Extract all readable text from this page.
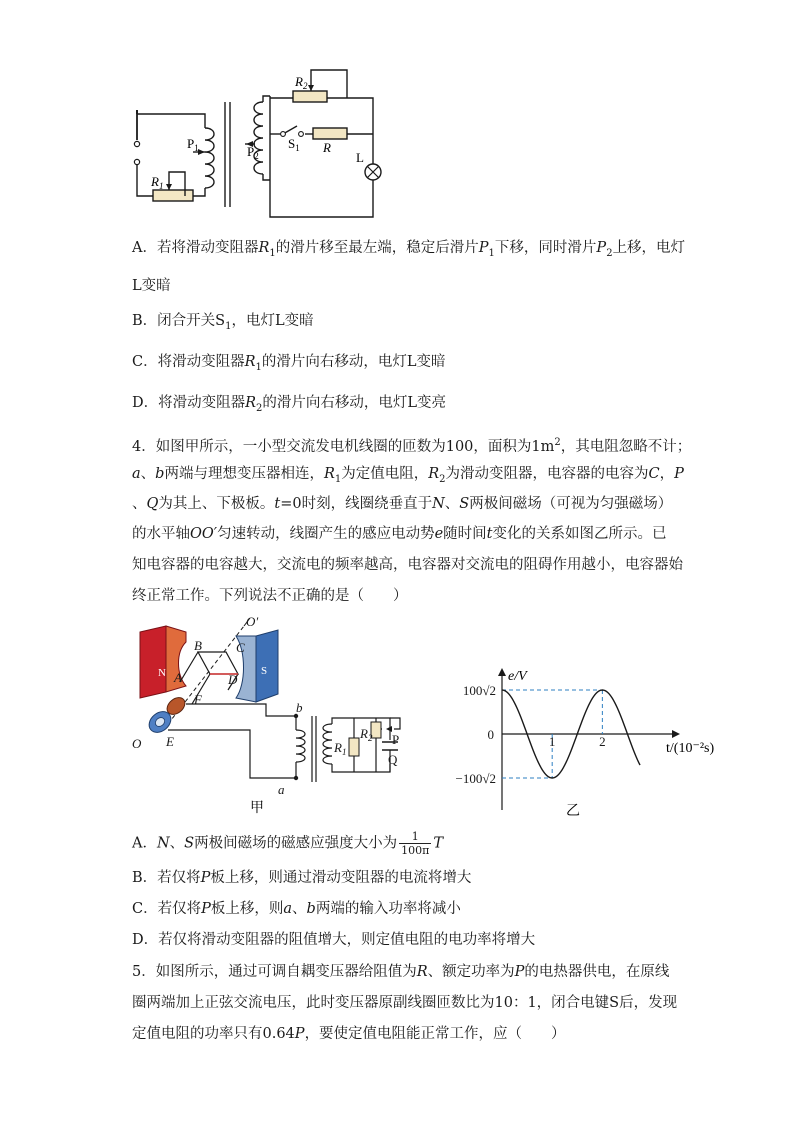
$R_2$
$P_1$	$P_2$
$S_1$ R
L
$R_1$
A．若将滑动变阻器$R_1$的滑片移至最左端，稳定后滑片$P_1$下移，同时滑片$P_2$上移，电灯
L变暗
B．闭合开关$S_1$，电灯L变暗
C．将滑动变阻器$R_1$的滑片向右移动，电灯L变暗
D．将滑动变阻器$R_2$的滑片向右移动，电灯L变亮
4．如图甲所示，一小型交流发电机线圈的匝数为100，面积为$1m^2$，其电阻忽略不计；
a、b两端与理想变压器相连，$R_1$为定值电阻，$R_2$为滑动变阻器，电容器的电容为C，P
、Q为其上、下极板。t=0时刻，线圈绕垂直于N、S两极间磁场（可视为匀强磁场）
的水平轴OO′匀速转动，线圈产生的感应电动势e随时间t变化的关系如图乙所示。已
知电容器的电容越大，交流电的频率越高，电容器对交流电的阻碍作用越小，电容器始
终正常工作。下列说法不正确的是（　　）
N	S
B
A
C
D
F
E
O
O′
b
a
$R_1$
$R_2$ P
Q
甲
1	2
100√2
0
−100√2
e/V
t/(10⁻²s)
乙
A．N、S两极间磁场的磁感应强度大小为 $\frac{1}{100\pi}$ T
B．若仅将P板上移，则通过滑动变阻器的电流将增大
C．若仅将P板上移，则a、b两端的输入功率将减小
D．若仅将滑动变阻器的阻值增大，则定值电阻的电功率将增大
5．如图所示，通过可调自耦变压器给阻值为R、额定功率为P的电热器供电，在原线
圈两端加上正弦交流电压，此时变压器原副线圈匝数比为10：1，闭合电键S后，发现
定值电阻的功率只有0.64P，要使定值电阻能正常工作，应（　　）
